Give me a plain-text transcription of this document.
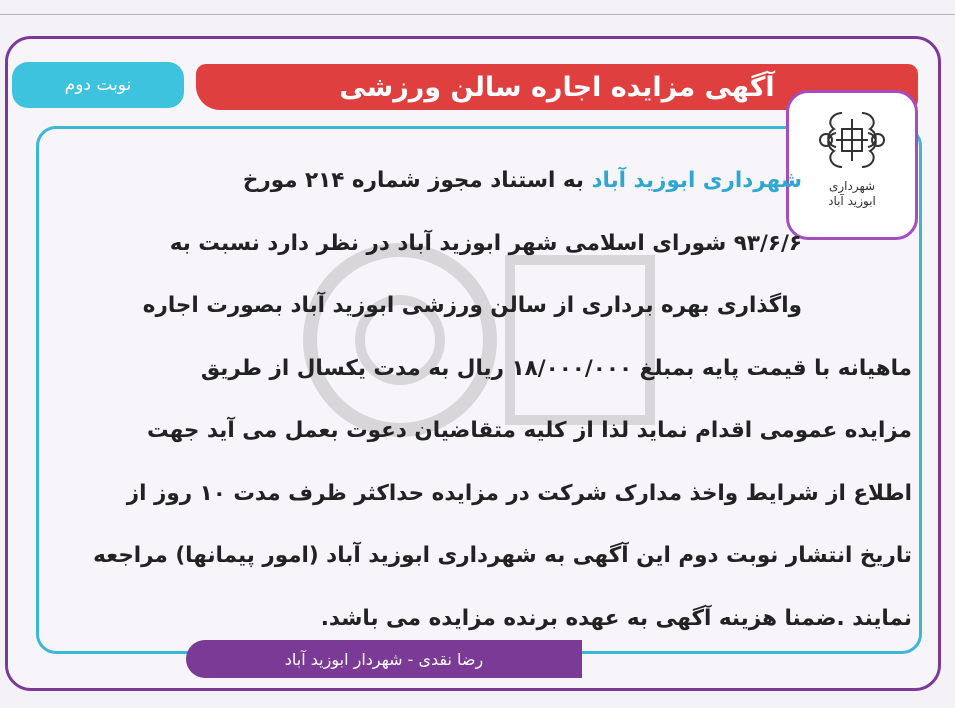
نوبت دوم	آگهی مزایده اجاره سالن ورزشی
شهرداری
ابوزید آباد
شهرداری ابوزید آباد به استناد مجوز شماره ۲۱۴ مورخ
۹۳/۶/۶ شورای اسلامی شهر ابوزید آباد در نظر دارد نسبت به
واگذاری بهره برداری از سالن ورزشی ابوزید آباد بصورت اجاره
ماهیانه با قیمت پایه بمبلغ ۱۸/۰۰۰/۰۰۰ ریال به مدت یکسال از طریق
مزایده عمومی اقدام نماید لذا از کلیه متقاضیان دعوت بعمل می آید جهت
اطلاع از شرایط واخذ مدارک شرکت در مزایده حداکثر ظرف مدت ۱۰ روز از
تاریخ انتشار نوبت دوم این آگهی به شهرداری ابوزید آباد (امور پیمانها) مراجعه
نمایند .ضمنا هزینه آگهی به عهده برنده مزایده می باشد.
رضا نقدی - شهردار ابوزید آباد
